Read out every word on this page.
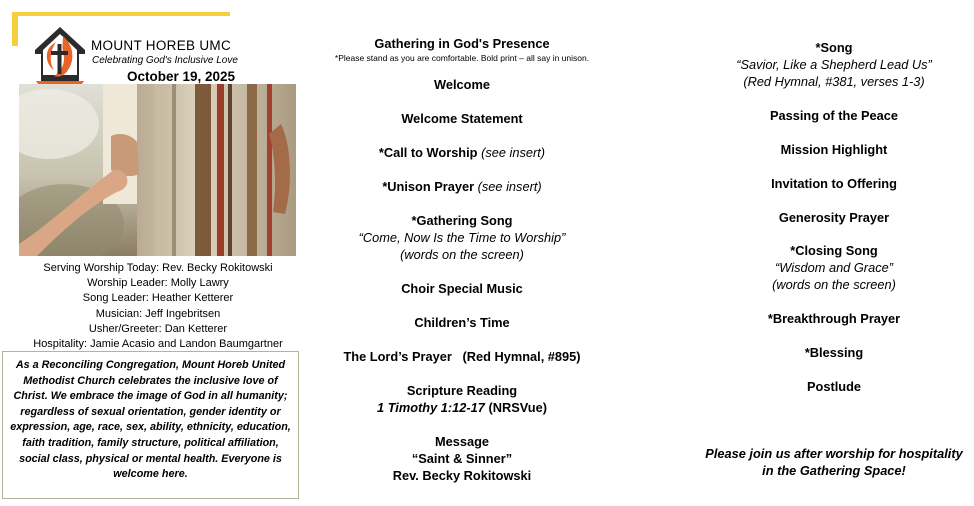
MOUNT HOREB UMC
Celebrating God's Inclusive Love
October 19, 2025
Serving Worship Today: Rev. Becky Rokitowski
Worship Leader: Molly Lawry
Song Leader: Heather Ketterer
Musician: Jeff Ingebritsen
Usher/Greeter: Dan Ketterer
Hospitality: Jamie Acasio and Landon Baumgartner
As a Reconciling Congregation, Mount Horeb United Methodist Church celebrates the inclusive love of Christ. We embrace the image of God in all humanity; regardless of sexual orientation, gender identity or expression, age, race, sex, ability, ethnicity, education, faith tradition, family structure, political affiliation, social class, physical or mental health. Everyone is welcome here.
Gathering in God's Presence
*Please stand as you are comfortable. Bold print – all say in unison.
Welcome
Welcome Statement
*Call to Worship (see insert)
*Unison Prayer (see insert)
*Gathering Song
“Come, Now Is the Time to Worship”
(words on the screen)
Choir Special Music
Children’s Time
The Lord’s Prayer   (Red Hymnal, #895)
Scripture Reading
1 Timothy 1:12-17 (NRSVue)
Message
“Saint & Sinner”
Rev. Becky Rokitowski
*Song
“Savior, Like a Shepherd Lead Us”
(Red Hymnal, #381, verses 1-3)
Passing of the Peace
Mission Highlight
Invitation to Offering
Generosity Prayer
*Closing Song
“Wisdom and Grace”
(words on the screen)
*Breakthrough Prayer
*Blessing
Postlude
Please join us after worship for hospitality
in the Gathering Space!
